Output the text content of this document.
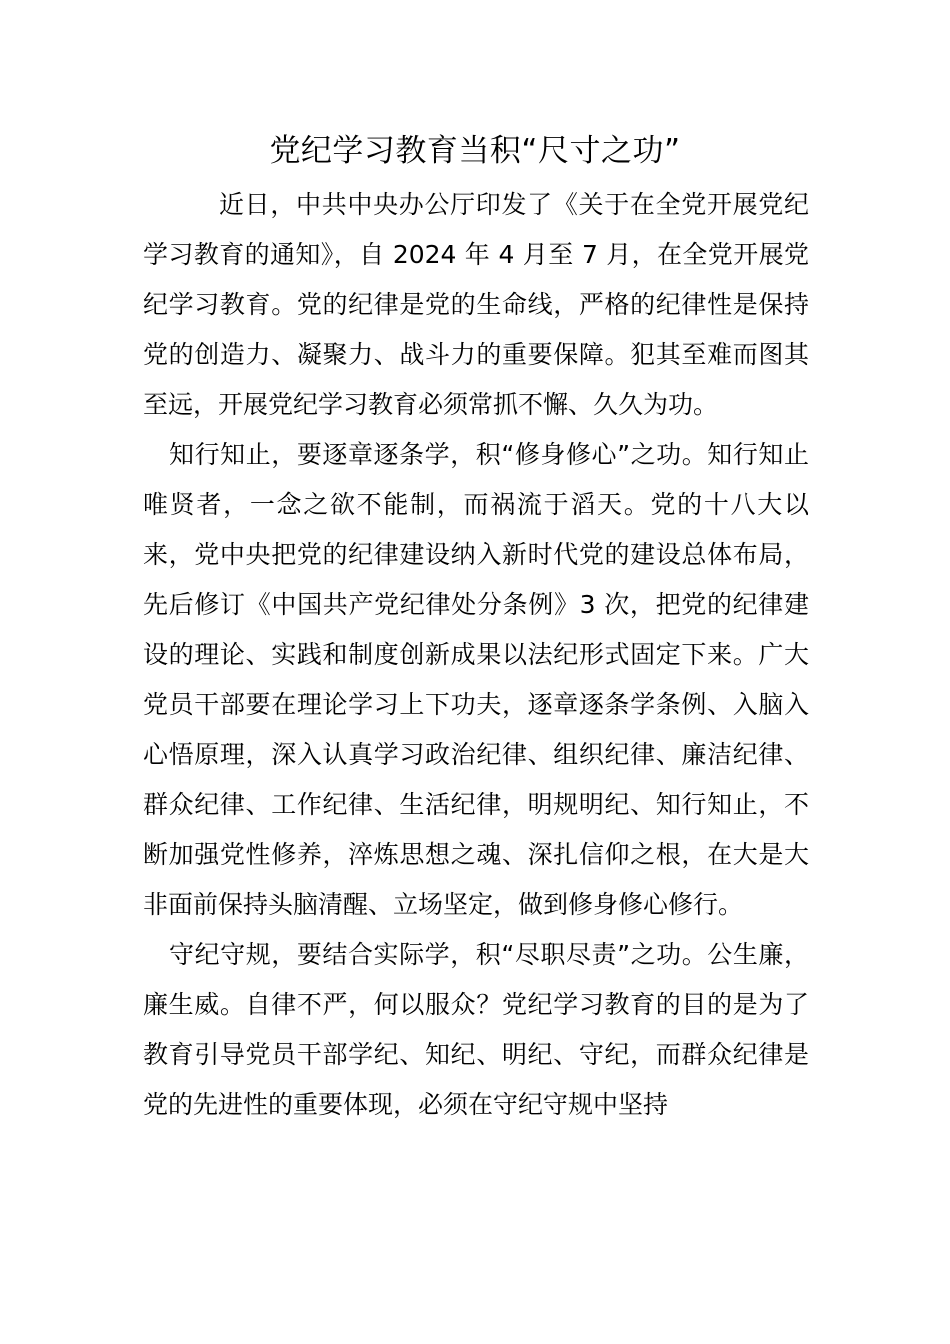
党纪学习教育当积“尺寸之功”

近日，中共中央办公厅印发了《关于在全党开展党纪学习教育的通知》，自 2024 年 4 月至 7 月，在全党开展党纪学习教育。党的纪律是党的生命线，严格的纪律性是保持党的创造力、凝聚力、战斗力的重要保障。犯其至难而图其至远，开展党纪学习教育必须常抓不懈、久久为功。

知行知止，要逐章逐条学，积“修身修心”之功。知行知止唯贤者，一念之欲不能制，而祸流于滔天。党的十八大以来，党中央把党的纪律建设纳入新时代党的建设总体布局，先后修订《中国共产党纪律处分条例》3 次，把党的纪律建设的理论、实践和制度创新成果以法纪形式固定下来。广大党员干部要在理论学习上下功夫，逐章逐条学条例、入脑入心悟原理，深入认真学习政治纪律、组织纪律、廉洁纪律、群众纪律、工作纪律、生活纪律，明规明纪、知行知止，不断加强党性修养，淬炼思想之魂、深扎信仰之根，在大是大非面前保持头脑清醒、立场坚定，做到修身修心修行。

守纪守规，要结合实际学，积“尽职尽责”之功。公生廉，廉生威。自律不严，何以服众？党纪学习教育的目的是为了教育引导党员干部学纪、知纪、明纪、守纪，而群众纪律是党的先进性的重要体现，必须在守纪守规中坚持
